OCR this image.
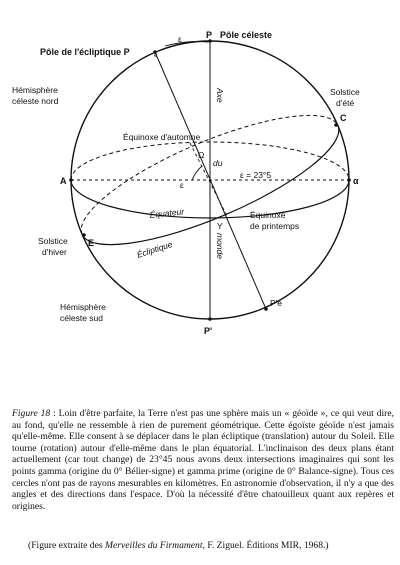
P Pôle céleste
ε
Pôle de l'écliptique P	e
Hémisphère
céleste nord	Axe
du
monde
Solstice
d'été
C
Équinoxe d'automne
Ω
ε = 23°5
A	α
ε
Équateur	Équinoxe
de printemps
Υ
Solstice
d'hiver
E	Écliptique
P'e
Hémisphère
céleste sud
P'
Figure 18 : Loin d'être parfaite, la Terre n'est pas une sphère mais un « géoïde », ce qui veut dire, au fond, qu'elle ne ressemble à rien de purement géométrique. Cette égoïste géoïde n'est jamais qu'elle-même. Elle consent à se déplacer dans le plan écliptique (translation) autour du Soleil. Elle tourne (rotation) autour d'elle-même dans le plan équatorial. L'inclinaison des deux plans étant actuellement (car tout change) de 23°45 nous avons deux intersections imaginaires qui sont les points gamma (origine du 0° Bélier-signe) et gamma prime (origine de 0° Balance-signe). Tous ces cercles n'ont pas de rayons mesurables en kilomètres. En astronomie d'observation, il n'y a que des angles et des directions dans l'espace. D'où la nécessité d'être chatouilleux quant aux repères et origines.
(Figure extraite des Merveilles du Firmament, F. Ziguel. Éditions MIR, 1968.)
